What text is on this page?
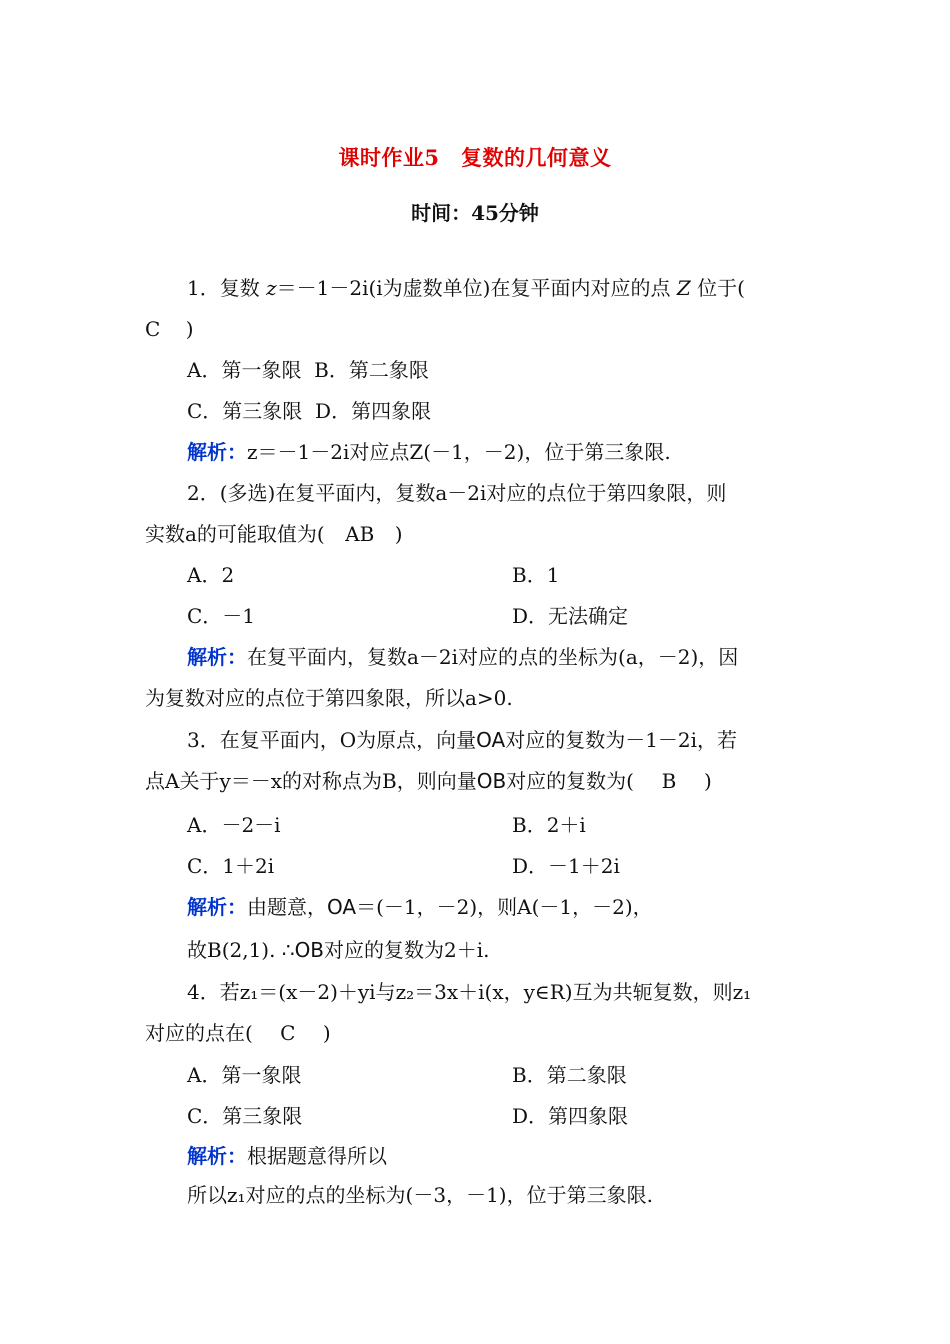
课时作业5　复数的几何意义
时间：45分钟
1．复数 z＝－1－2i(i为虚数单位)在复平面内对应的点 Z 位于(
C )
A．第一象限 B．第二象限
C．第三象限 D．第四象限
解析：z＝－1－2i对应点Z(－1，－2)，位于第三象限.
2．(多选)在复平面内，复数a－2i对应的点位于第四象限，则
实数a的可能取值为( AB )
A．2	B．1
C．－1	D．无法确定
解析：在复平面内，复数a－2i对应的点的坐标为(a，－2)，因
为复数对应的点位于第四象限，所以a>0.
3．在复平面内，O为原点，向量OA对应的复数为－1－2i，若
点A关于y＝－x的对称点为B，则向量OB对应的复数为( B )
A．－2－i	B．2＋i
C．1＋2i	D．－1＋2i
解析：由题意，OA＝(－1，－2)，则A(－1，－2)，
故B(2,1). ∴OB对应的复数为2＋i.
4．若z₁＝(x－2)＋yi与z₂＝3x＋i(x，y∈R)互为共轭复数，则z₁
对应的点在( C )
A．第一象限	B．第二象限
C．第三象限	D．第四象限
解析：根据题意得所以
所以z₁对应的点的坐标为(－3，－1)，位于第三象限.
